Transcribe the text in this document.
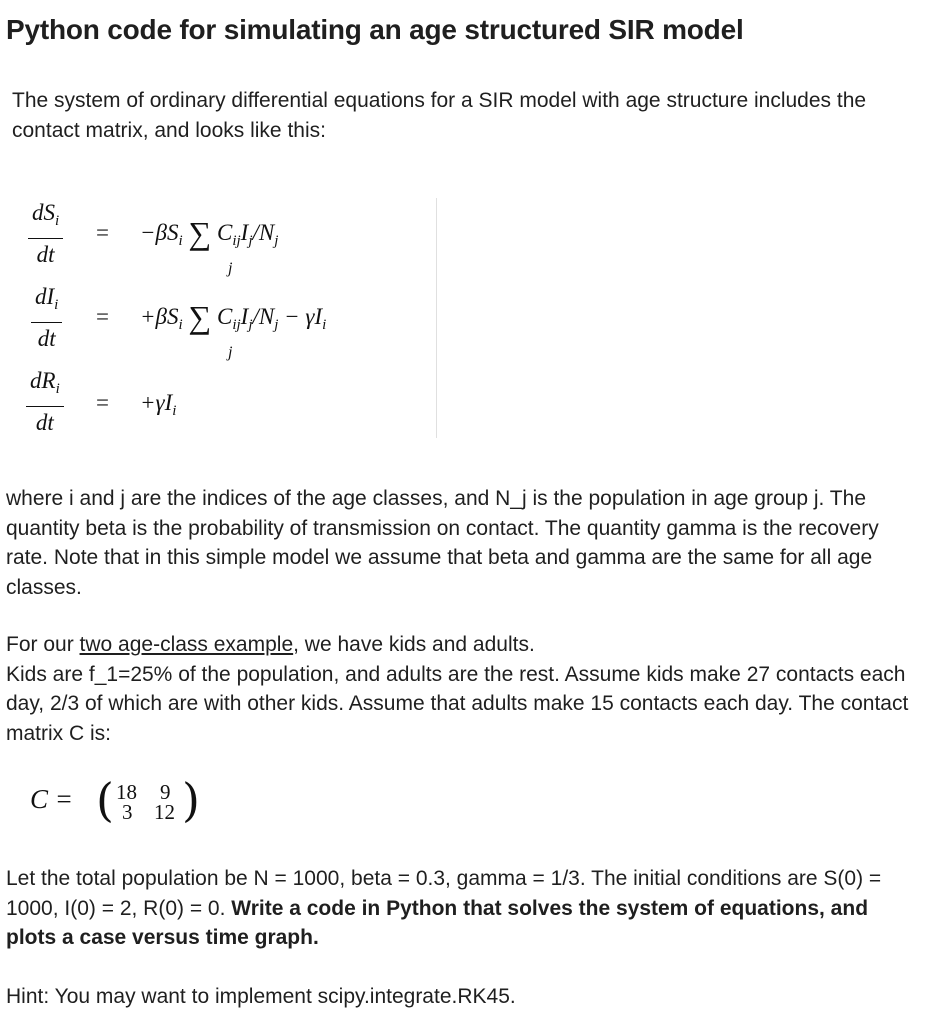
Python code for simulating an age structured SIR model
The system of ordinary differential equations for a SIR model with age structure includes the contact matrix, and looks like this:
$dS_i$
dt
= $-\beta S_i$ ∑ $C_{ij}I_j/N_j$
j
$dI_i$
dt
= $+\beta S_i$ ∑ $C_{ij}I_j/N_j - \gamma I_i$
j
$dR_i$
dt
= $+\gamma I_i$
where i and j are the indices of the age classes, and N_j is the population in age group j. The quantity beta is the probability of transmission on contact. The quantity gamma is the recovery rate. Note that in this simple model we assume that beta and gamma are the same for all age classes.
For our two age-class example, we have kids and adults.
Kids are f_1=25% of the population, and adults are the rest. Assume kids make 27 contacts each day, 2/3 of which are with other kids. Assume that adults make 15 contacts each day. The contact matrix C is:
C = ( 18 9
3 12 )
Let the total population be N = 1000, beta = 0.3, gamma = 1/3. The initial conditions are S(0) = 1000, I(0) = 2, R(0) = 0. Write a code in Python that solves the system of equations, and plots a case versus time graph.
Hint: You may want to implement scipy.integrate.RK45.
